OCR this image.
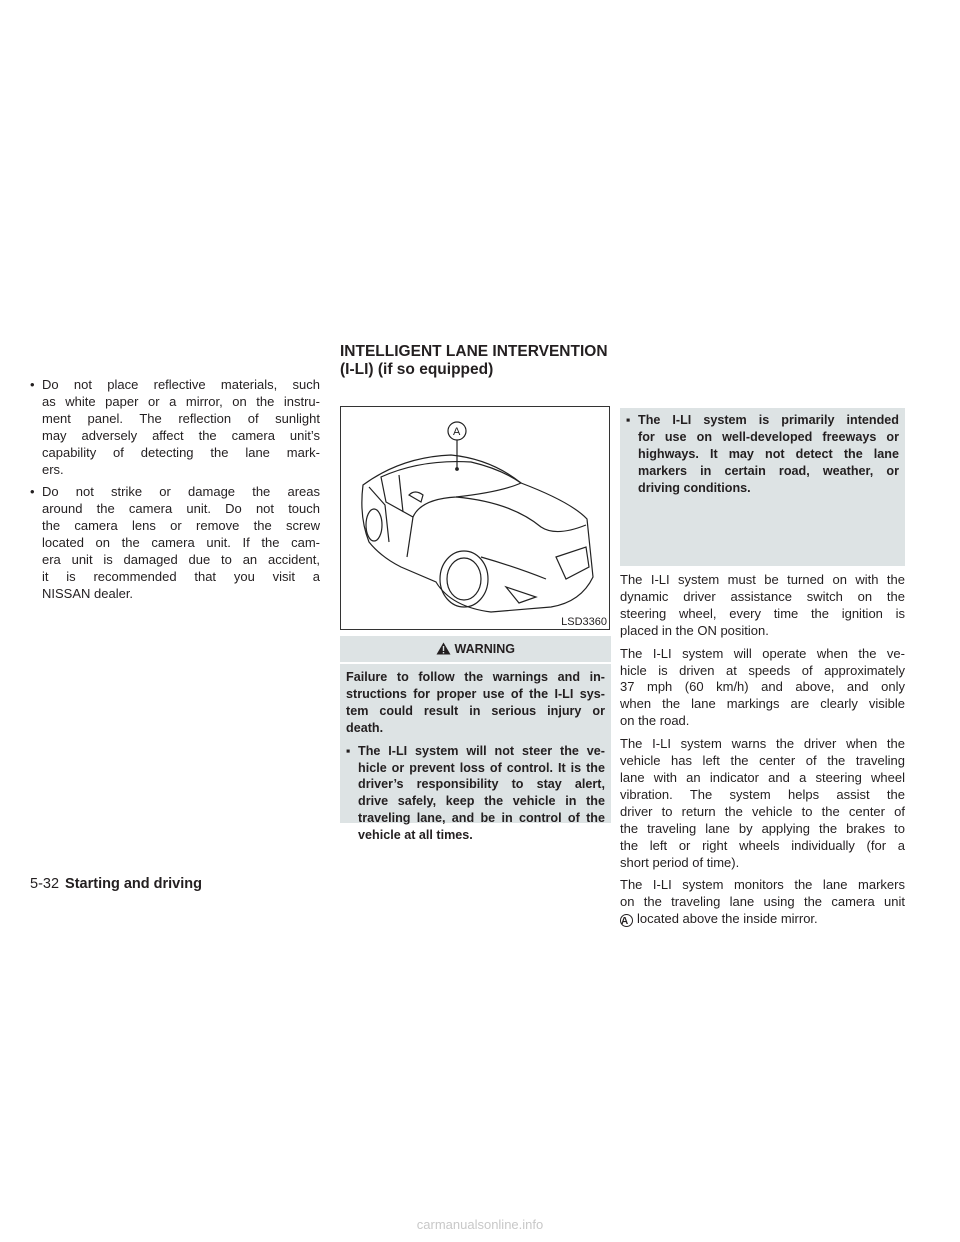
• Do not place reflective materials, such
as white paper or a mirror, on the instru-
ment panel. The reflection of sunlight
may adversely affect the camera unit’s
capability of detecting the lane mark-
ers.
• Do not strike or damage the areas
around the camera unit. Do not touch
the camera lens or remove the screw
located on the camera unit. If the cam-
era unit is damaged due to an accident,
it is recommended that you visit a
NISSAN dealer.
INTELLIGENT LANE INTERVENTION
(I-LI) (if so equipped)
A
LSD3360
WARNING
Failure to follow the warnings and in-
structions for proper use of the I-LI sys-
tem could result in serious injury or
death.
▪ The I-LI system will not steer the ve-
hicle or prevent loss of control. It is the
driver’s responsibility to stay alert,
drive safely, keep the vehicle in the
traveling lane, and be in control of the
vehicle at all times.
▪ The I-LI system is primarily intended
for use on well-developed freeways or
highways. It may not detect the lane
markers in certain road, weather, or
driving conditions.
The I-LI system must be turned on with the
dynamic driver assistance switch on the
steering wheel, every time the ignition is
placed in the ON position.
The I-LI system will operate when the ve-
hicle is driven at speeds of approximately
37 mph (60 km/h) and above, and only
when the lane markings are clearly visible
on the road.
The I-LI system warns the driver when the
vehicle has left the center of the traveling
lane with an indicator and a steering wheel
vibration. The system helps assist the
driver to return the vehicle to the center of
the traveling lane by applying the brakes to
the left or right wheels individually (for a
short period of time).
The I-LI system monitors the lane markers
on the traveling lane using the camera unit
A located above the inside mirror.
5-32 Starting and driving
carmanualsonline.info
